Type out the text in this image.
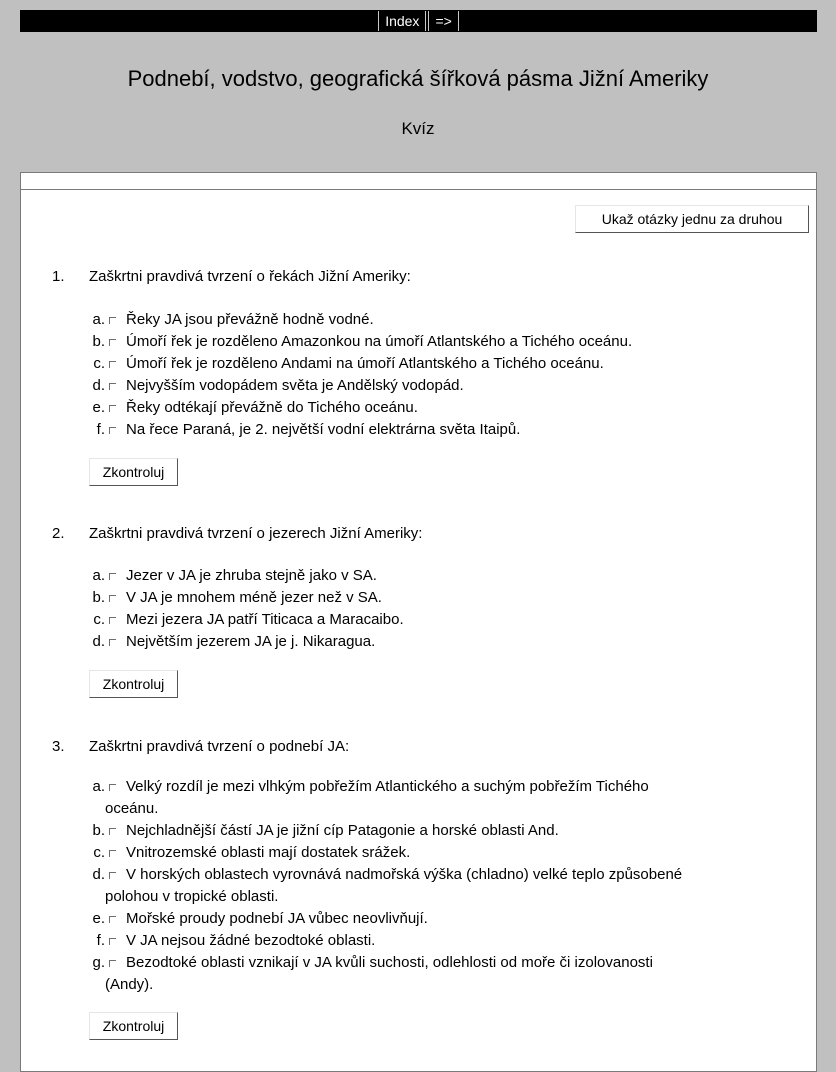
Index	=>
Podnebí, vodstvo, geografická šířková pásma Jižní Ameriky
Kvíz
Ukaž otázky jednu za druhou
1. Zaškrtni pravdivá tvrzení o řekách Jižní Ameriky:
a. Řeky JA jsou převážně hodně vodné.
b. Úmoří řek je rozděleno Amazonkou na úmoří Atlantského a Tichého oceánu.
c. Úmoří řek je rozděleno Andami na úmoří Atlantského a Tichého oceánu.
d. Nejvyšším vodopádem světa je Andělský vodopád.
e. Řeky odtékají převážně do Tichého oceánu.
f. Na řece Paraná, je 2. největší vodní elektrárna světa Itaipů.
Zkontroluj
2. Zaškrtni pravdivá tvrzení o jezerech Jižní Ameriky:
a. Jezer v JA je zhruba stejně jako v SA.
b. V JA je mnohem méně jezer než v SA.
c. Mezi jezera JA patří Titicaca a Maracaibo.
d. Největším jezerem JA je j. Nikaragua.
Zkontroluj
3. Zaškrtni pravdivá tvrzení o podnebí JA:
a.	Velký rozdíl je mezi vlhkým pobřežím Atlantického a suchým pobřežím Tichého
oceánu.
b. Nejchladnější částí JA je jižní cíp Patagonie a horské oblasti And.
c. Vnitrozemské oblasti mají dostatek srážek.
d.	V horských oblastech vyrovnává nadmořská výška (chladno) velké teplo způsobené
polohou v tropické oblasti.
e. Mořské proudy podnebí JA vůbec neovlivňují.
f. V JA nejsou žádné bezodtoké oblasti.
g.	Bezodtoké oblasti vznikají v JA kvůli suchosti, odlehlosti od moře či izolovanosti
(Andy).
Zkontroluj
